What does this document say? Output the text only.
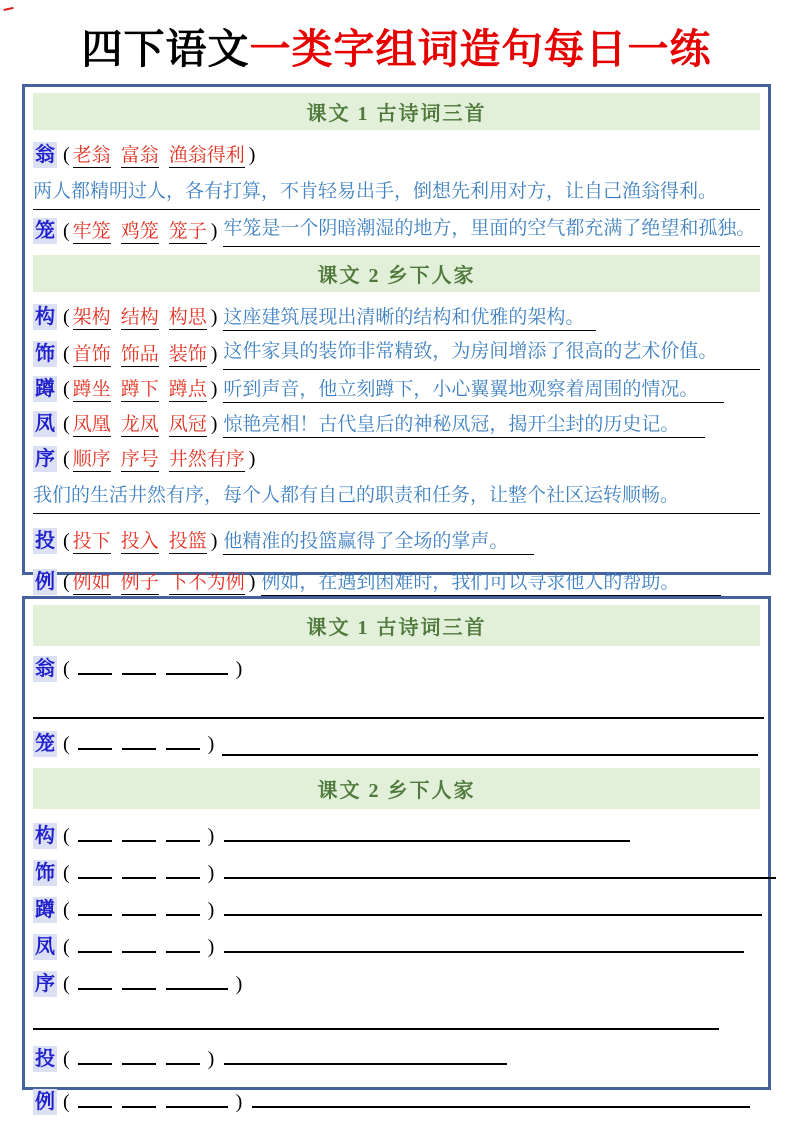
四下语文一类字组词造句每日一练
课文 1 古诗词三首
翁 ( 老翁 富翁 渔翁得利 )
两人都精明过人，各有打算，不肯轻易出手，倒想先利用对方，让自己渔翁得利。
笼 ( 牢笼 鸡笼 笼子 ) 牢笼是一个阴暗潮湿的地方，里面的空气都充满了绝望和孤独。
课文 2 乡下人家
构 ( 架构 结构 构思 ) 这座建筑展现出清晰的结构和优雅的架构。
饰 ( 首饰 饰品 装饰 ) 这件家具的装饰非常精致，为房间增添了很高的艺术价值。
蹲 ( 蹲坐 蹲下 蹲点 ) 听到声音，他立刻蹲下，小心翼翼地观察着周围的情况。
凤 ( 凤凰 龙凤 凤冠 ) 惊艳亮相！古代皇后的神秘凤冠，揭开尘封的历史记。
序 ( 顺序 序号 井然有序 )
我们的生活井然有序，每个人都有自己的职责和任务，让整个社区运转顺畅。
投 ( 投下 投入 投篮 ) 他精准的投篮赢得了全场的掌声。
例 ( 例如 例子 下不为例 ) 例如，在遇到困难时，我们可以寻求他人的帮助。
课文 1 古诗词三首
翁 (	)
笼 (	)
课文 2 乡下人家
构 (	)
饰 (	)
蹲 (	)
凤 (	)
序 (	)
投 (	)
例 (	)
